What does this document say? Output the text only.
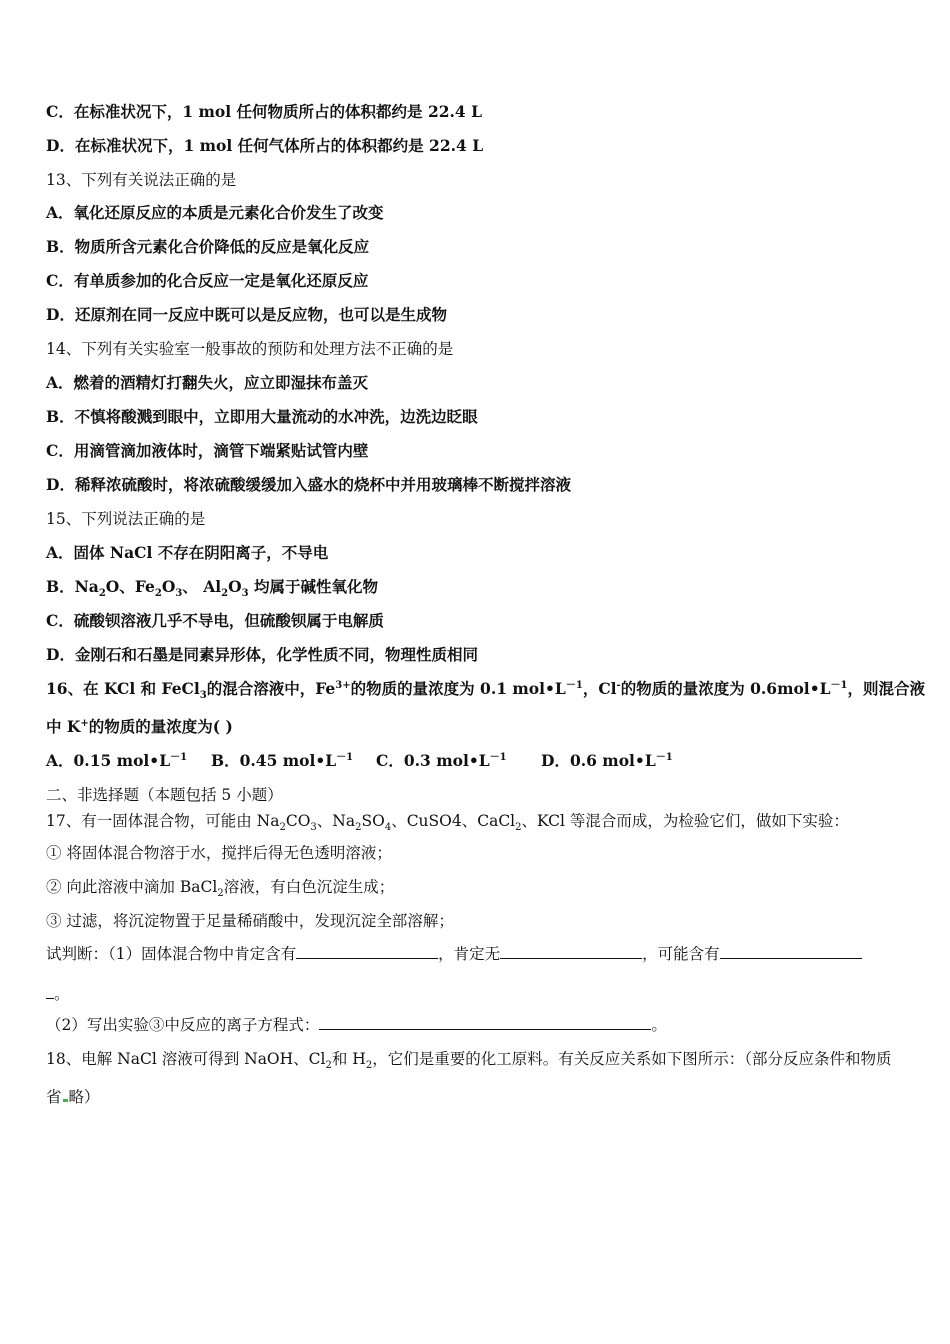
C．在标准状况下，1 mol 任何物质所占的体积都约是 22.4 L
D．在标准状况下，1 mol 任何气体所占的体积都约是 22.4 L
13、下列有关说法正确的是
A．氧化还原反应的本质是元素化合价发生了改变
B．物质所含元素化合价降低的反应是氧化反应
C．有单质参加的化合反应一定是氧化还原反应
D．还原剂在同一反应中既可以是反应物，也可以是生成物
14、下列有关实验室一般事故的预防和处理方法不正确的是
A．燃着的酒精灯打翻失火，应立即湿抹布盖灭
B．不慎将酸溅到眼中，立即用大量流动的水冲洗，边洗边眨眼
C．用滴管滴加液体时，滴管下端紧贴试管内壁
D．稀释浓硫酸时，将浓硫酸缓缓加入盛水的烧杯中并用玻璃棒不断搅拌溶液
15、下列说法正确的是
A．固体 NaCl 不存在阴阳离子，不导电
B．$Na_2O$、$Fe_2O_3$、 $Al_2O_3$ 均属于碱性氧化物
C．硫酸钡溶液几乎不导电，但硫酸钡属于电解质
D．金刚石和石墨是同素异形体，化学性质不同，物理性质相同
16、在 KCl 和 FeCl$_3$的混合溶液中，$Fe^{3+}$的物质的量浓度为 0.1 $mol•L^{-1}$，Cl-的物质的量浓度为 $0.6mol•L^{-1}$，则混合液
中 K+的物质的量浓度为( )
A．0.15 $mol•L^{-1}$ B．0.45 $mol•L^{-1}$ C．0.3 $mol•L^{-1}$ D．0.6 $mol•L^{-1}$
二、非选择题（本题包括 5 小题）
17、有一固体混合物，可能由 $Na_2CO_3$、$Na_2SO_4$、CuSO4、CaCl$_2$、KCl 等混合而成，为检验它们，做如下实验：
① 将固体混合物溶于水，搅拌后得无色透明溶液；
② 向此溶液中滴加 BaCl$_2$溶液，有白色沉淀生成；
③ 过滤，将沉淀物置于足量稀硝酸中，发现沉淀全部溶解；
试判断：（1）固体混合物中肯定含有	，肯定无	，可能含有
。
（2）写出实验③中反应的离子方程式：	。
18、电解 NaCl 溶液可得到 NaOH、$Cl_2$和 $H_2$，它们是重要的化工原料。有关反应关系如下图所示：（部分反应条件和物质
省 略）
